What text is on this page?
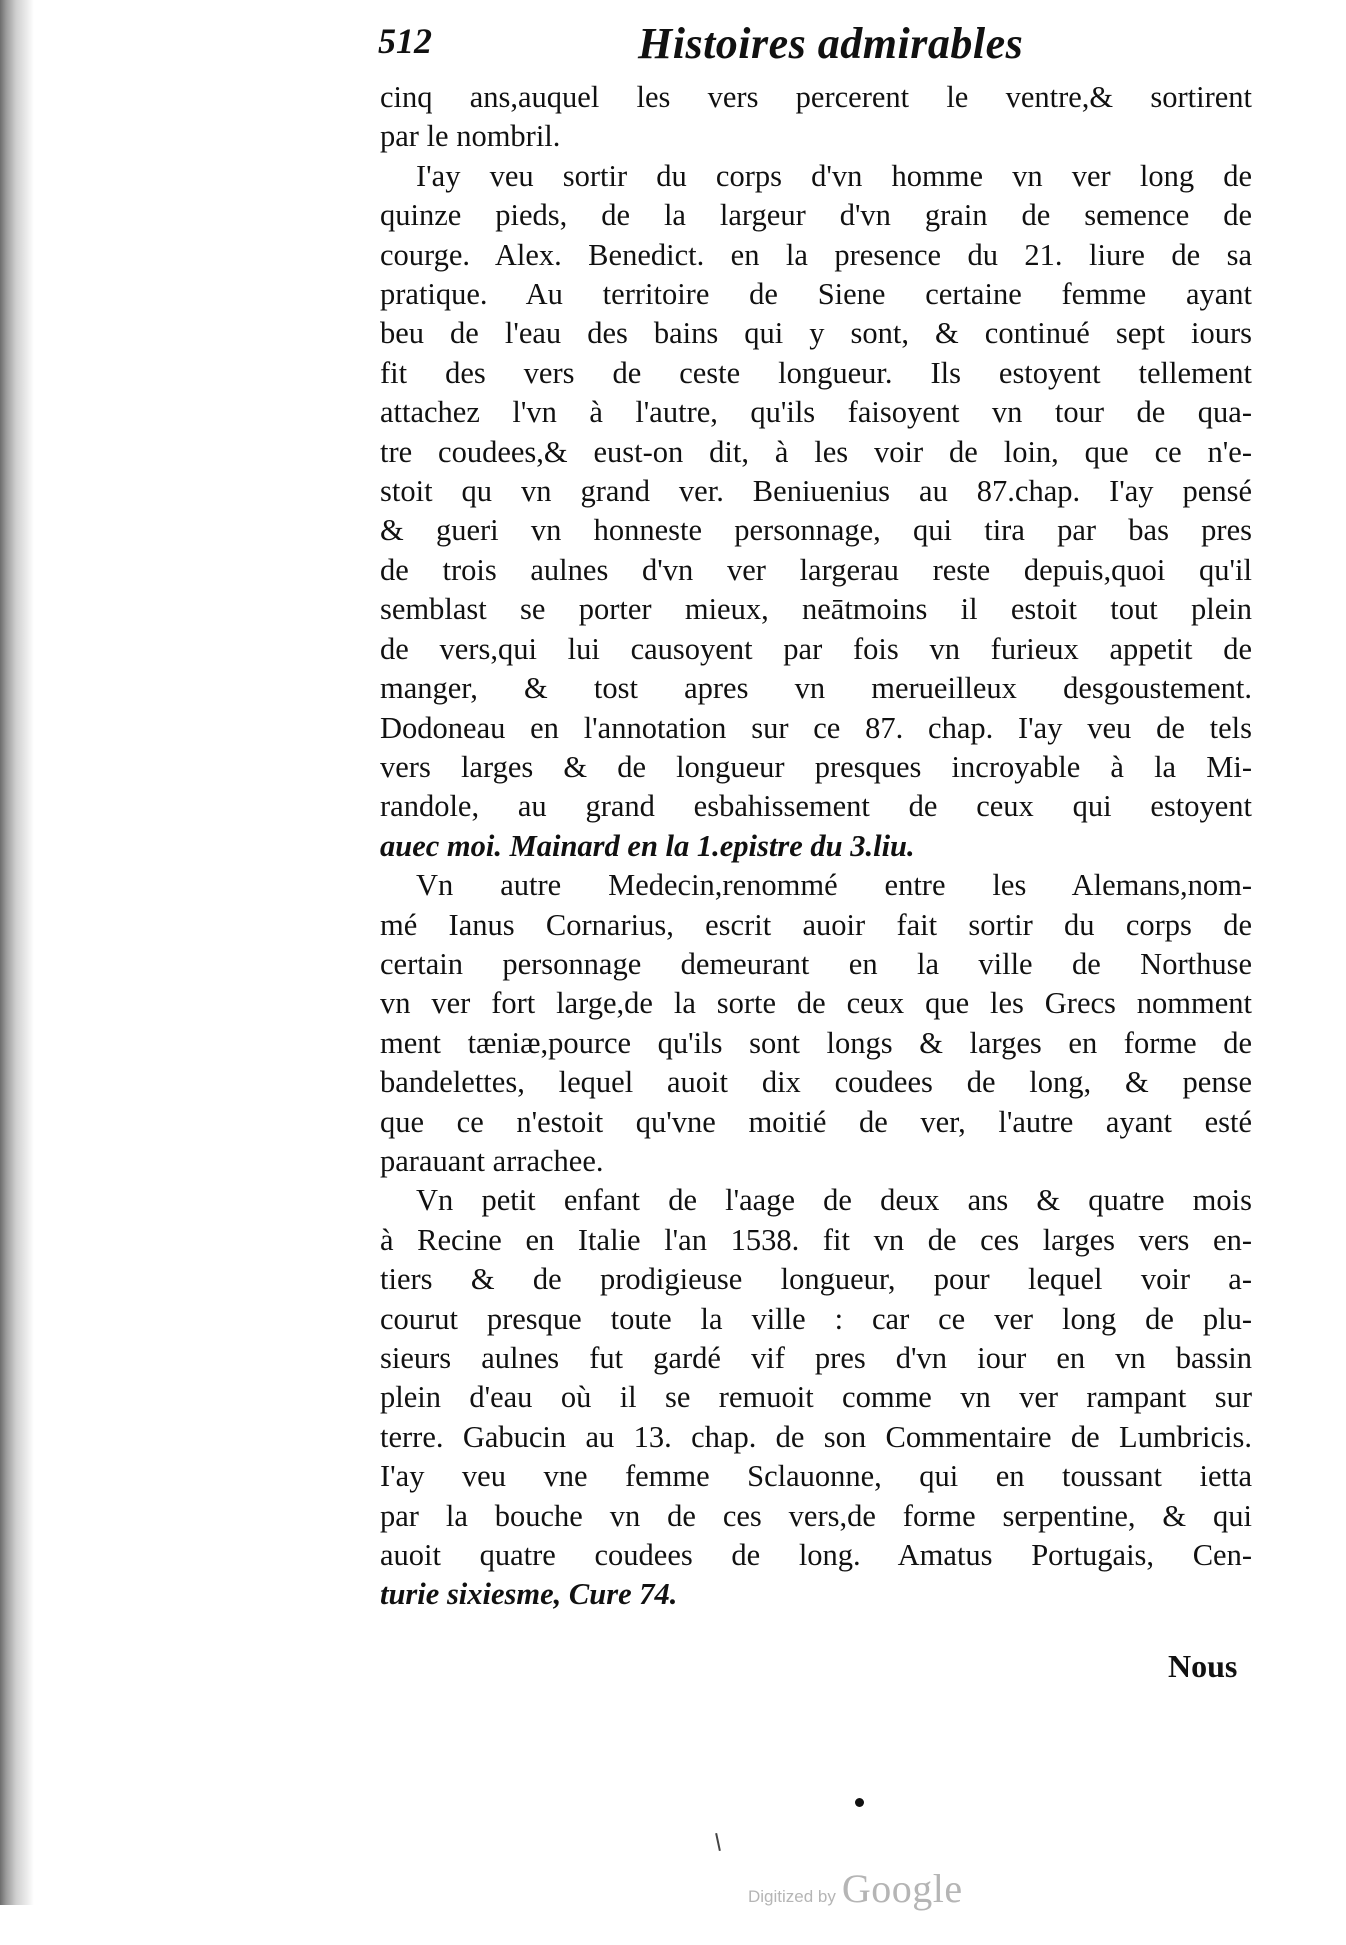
512	Histoires admirables
cinq ans,auquel les vers percerent le ventre,& sortirent
par le nombril.
I'ay veu sortir du corps d'vn homme vn ver long de
quinze pieds, de la largeur d'vn grain de semence de
courge. Alex. Benedict. en la presence du 21. liure de sa
pratique. Au territoire de Siene certaine femme ayant
beu de l'eau des bains qui y sont, & continué sept iours
fit des vers de ceste longueur. Ils estoyent tellement
attachez l'vn à l'autre, qu'ils faisoyent vn tour de qua-
tre coudees,& eust-on dit, à les voir de loin, que ce n'e-
stoit qu vn grand ver. Beniuenius au 87.chap. I'ay pensé
& gueri vn honneste personnage, qui tira par bas pres
de trois aulnes d'vn ver largerau reste depuis,quoi qu'il
semblast se porter mieux, neātmoins il estoit tout plein
de vers,qui lui causoyent par fois vn furieux appetit de
manger, & tost apres vn merueilleux desgoustement.
Dodoneau en l'annotation sur ce 87. chap. I'ay veu de tels
vers larges & de longueur presques incroyable à la Mi-
randole, au grand esbahissement de ceux qui estoyent
auec moi. Mainard en la 1.epistre du 3.liu.
Vn autre Medecin,renommé entre les Alemans,nom-
mé Ianus Cornarius, escrit auoir fait sortir du corps de
certain personnage demeurant en la ville de Northuse
vn ver fort large,de la sorte de ceux que les Grecs nomment
ment tæniæ,pource qu'ils sont longs & larges en forme de
bandelettes, lequel auoit dix coudees de long, & pense
que ce n'estoit qu'vne moitié de ver, l'autre ayant esté
parauant arrachee.
Vn petit enfant de l'aage de deux ans & quatre mois
à Recine en Italie l'an 1538. fit vn de ces larges vers en-
tiers & de prodigieuse longueur, pour lequel voir a-
courut presque toute la ville : car ce ver long de plu-
sieurs aulnes fut gardé vif pres d'vn iour en vn bassin
plein d'eau où il se remuoit comme vn ver rampant sur
terre. Gabucin au 13. chap. de son Commentaire de Lumbricis.
I'ay veu vne femme Sclauonne, qui en toussant ietta
par la bouche vn de ces vers,de forme serpentine, & qui
auoit quatre coudees de long. Amatus Portugais, Cen-
turie sixiesme, Cure 74.
Nous
Digitized by Google
